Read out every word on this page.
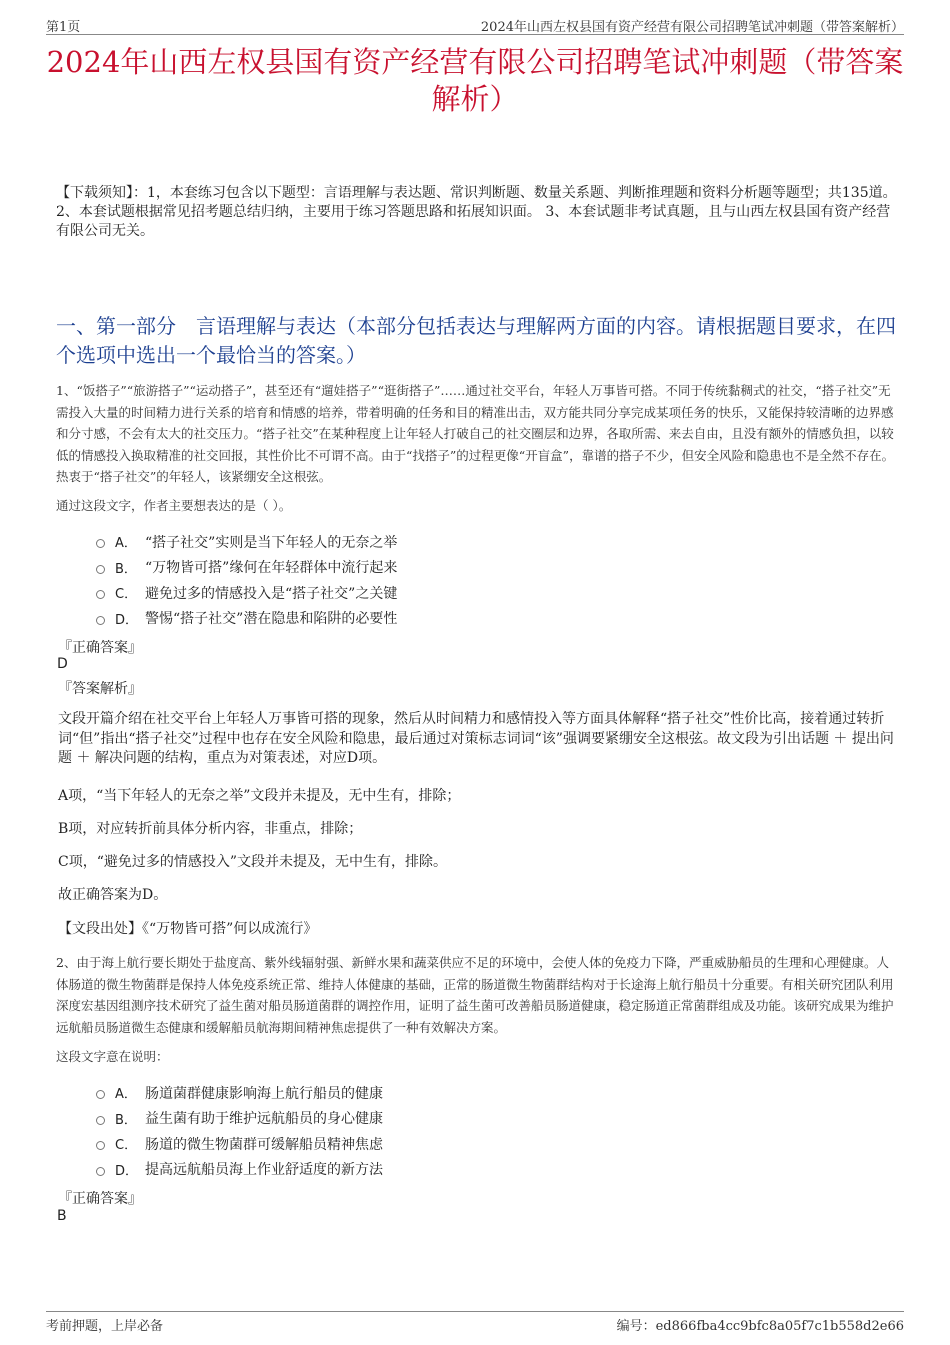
第1页	2024年山西左权县国有资产经营有限公司招聘笔试冲刺题（带答案解析）
2024年山西左权县国有资产经营有限公司招聘笔试冲刺题（带答案解析）
【下载须知】：1，本套练习包含以下题型：言语理解与表达题、常识判断题、数量关系题、判断推理题和资料分析题等题型；共135道。 2、本套试题根据常见招考题总结归纳，主要用于练习答题思路和拓展知识面。 3、本套试题非考试真题，且与山西左权县国有资产经营有限公司无关。
一、第一部分　言语理解与表达（本部分包括表达与理解两方面的内容。请根据题目要求，在四个选项中选出一个最恰当的答案。）
1、“饭搭子”“旅游搭子”“运动搭子”，甚至还有“遛娃搭子”“逛街搭子”……通过社交平台，年轻人万事皆可搭。不同于传统黏稠式的社交，“搭子社交”无需投入大量的时间精力进行关系的培育和情感的培养，带着明确的任务和目的精准出击，双方能共同分享完成某项任务的快乐，又能保持较清晰的边界感和分寸感，不会有太大的社交压力。“搭子社交”在某种程度上让年轻人打破自己的社交圈层和边界，各取所需、来去自由，且没有额外的情感负担，以较低的情感投入换取精准的社交回报，其性价比不可谓不高。由于“找搭子”的过程更像“开盲盒”，靠谱的搭子不少，但安全风险和隐患也不是全然不存在。热衷于“搭子社交”的年轻人，该紧绷安全这根弦。
通过这段文字，作者主要想表达的是（ ）。
A． “搭子社交”实则是当下年轻人的无奈之举
B． “万物皆可搭”缘何在年轻群体中流行起来
C． 避免过多的情感投入是“搭子社交”之关键
D． 警惕“搭子社交”潜在隐患和陷阱的必要性
『正确答案』
D
『答案解析』
文段开篇介绍在社交平台上年轻人万事皆可搭的现象，然后从时间精力和感情投入等方面具体解释“搭子社交”性价比高，接着通过转折词“但”指出“搭子社交”过程中也存在安全风险和隐患，最后通过对策标志词词“该”强调要紧绷安全这根弦。故文段为引出话题 ＋ 提出问题 ＋ 解决问题的结构，重点为对策表述，对应D项。
A项，“当下年轻人的无奈之举”文段并未提及，无中生有，排除；
B项，对应转折前具体分析内容，非重点，排除；
C项，“避免过多的情感投入”文段并未提及，无中生有，排除。
故正确答案为D。
【文段出处】《“万物皆可搭”何以成流行》
2、由于海上航行要长期处于盐度高、紫外线辐射强、新鲜水果和蔬菜供应不足的环境中，会使人体的免疫力下降，严重威胁船员的生理和心理健康。人体肠道的微生物菌群是保持人体免疫系统正常、维持人体健康的基础，正常的肠道微生物菌群结构对于长途海上航行船员十分重要。有相关研究团队利用深度宏基因组测序技术研究了益生菌对船员肠道菌群的调控作用，证明了益生菌可改善船员肠道健康，稳定肠道正常菌群组成及功能。该研究成果为维护远航船员肠道微生态健康和缓解船员航海期间精神焦虑提供了一种有效解决方案。
这段文字意在说明：
A． 肠道菌群健康影响海上航行船员的健康
B． 益生菌有助于维护远航船员的身心健康
C． 肠道的微生物菌群可缓解船员精神焦虑
D． 提高远航船员海上作业舒适度的新方法
『正确答案』
B
考前押题，上岸必备	编号：ed866fba4cc9bfc8a05f7c1b558d2e66
